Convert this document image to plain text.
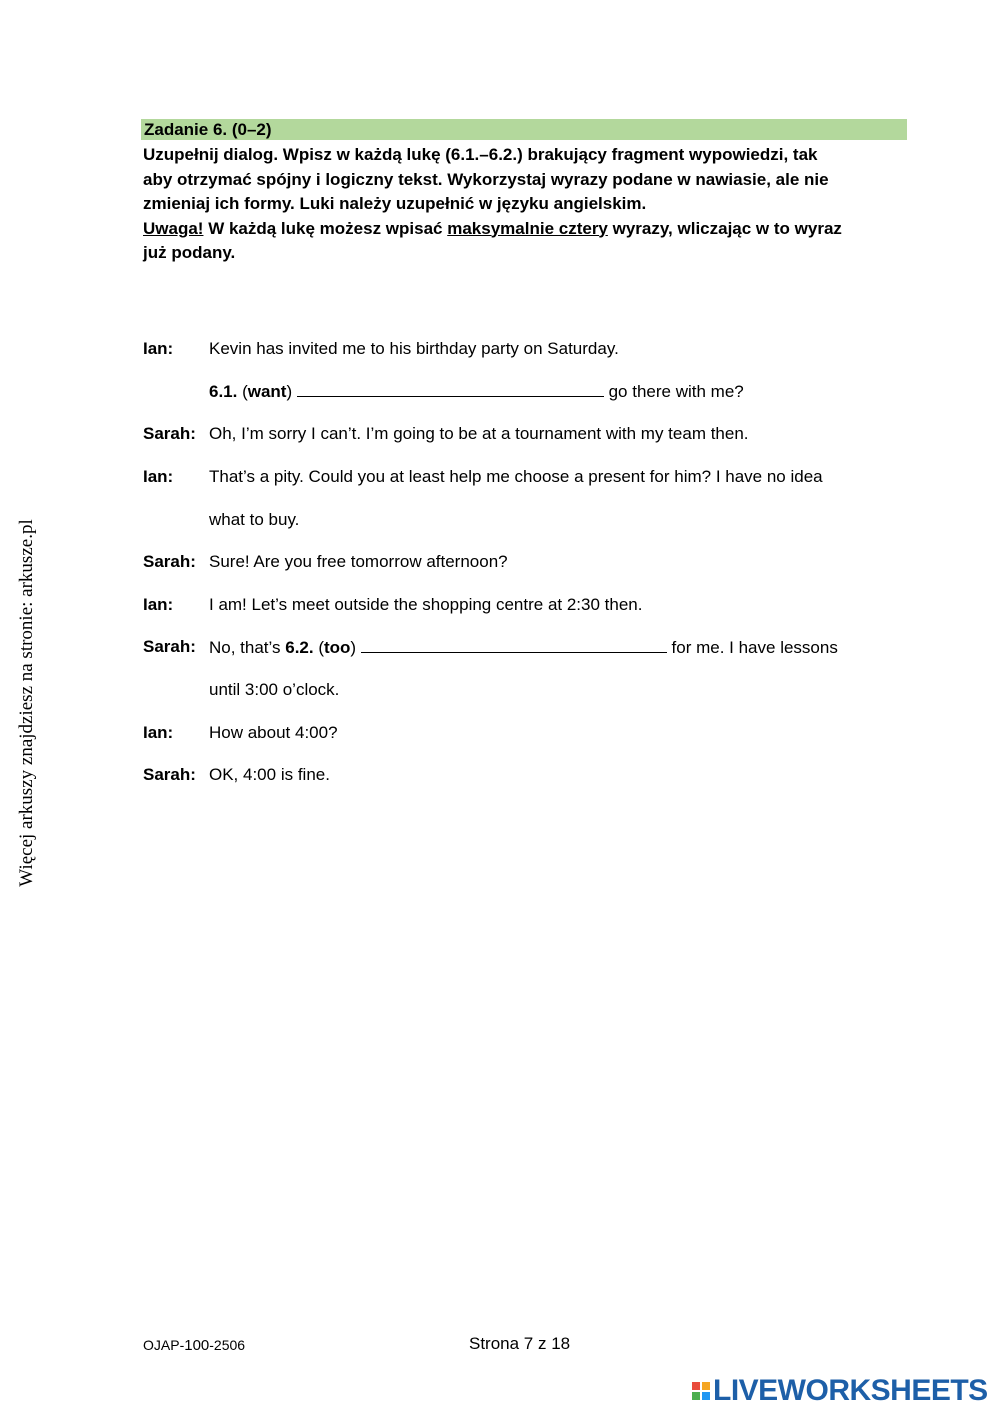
Więcej arkuszy znajdziesz na stronie: arkusze.pl
Zadanie 6. (0–2)

Uzupełnij dialog. Wpisz w każdą lukę (6.1.–6.2.) brakujący fragment wypowiedzi, tak

aby otrzymać spójny i logiczny tekst. Wykorzystaj wyrazy podane w nawiasie, ale nie

zmieniaj ich formy. Luki należy uzupełnić w języku angielskim.

Uwaga! W każdą lukę możesz wpisać maksymalnie cztery wyrazy, wliczając w to wyraz

już podany.

Ian:	Kevin has invited me to his birthday party on Saturday.
6.1. (want)	go there with me?
Sarah: Oh, I’m sorry I can’t. I’m going to be at a tournament with my team then.
Ian:	That’s a pity. Could you at least help me choose a present for him? I have no idea
what to buy.
Sarah: Sure! Are you free tomorrow afternoon?
Ian:	I am! Let’s meet outside the shopping centre at 2:30 then.
Sarah: No, that’s 6.2. (too)	for me. I have lessons
until 3:00 o’clock.
Ian:	How about 4:00?
Sarah: OK, 4:00 is fine.
OJAP-100-2506	Strona 7 z 18
LIVEWORKSHEETS
